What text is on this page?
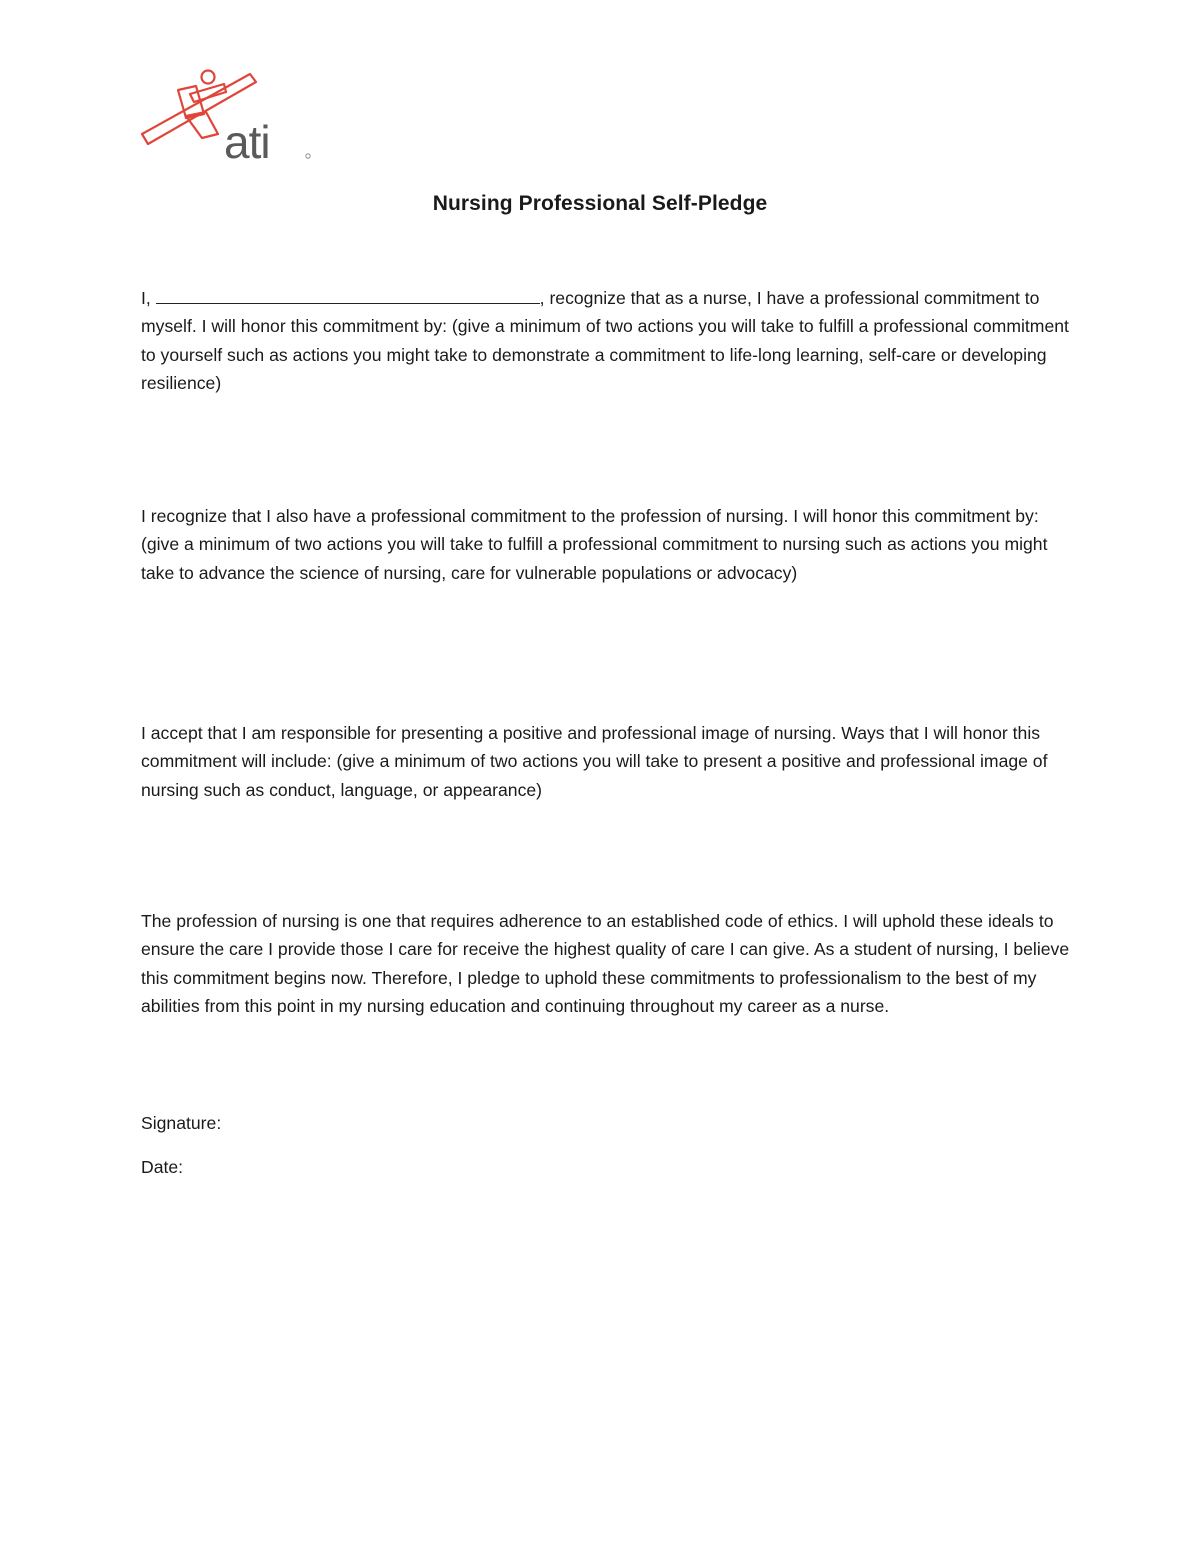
ati
Nursing Professional Self-Pledge
I,	, recognize that as a nurse, I have a professional commitment to myself. I will honor this commitment by: (give a minimum of two actions you will take to fulfill a professional commitment to yourself such as actions you might take to demonstrate a commitment to life-long learning, self-care or developing resilience)
I recognize that I also have a professional commitment to the profession of nursing. I will honor this commitment by: (give a minimum of two actions you will take to fulfill a professional commitment to nursing such as actions you might take to advance the science of nursing, care for vulnerable populations or advocacy)
I accept that I am responsible for presenting a positive and professional image of nursing. Ways that I will honor this commitment will include: (give a minimum of two actions you will take to present a positive and professional image of nursing such as conduct, language, or appearance)
The profession of nursing is one that requires adherence to an established code of ethics. I will uphold these ideals to ensure the care I provide those I care for receive the highest quality of care I can give. As a student of nursing, I believe this commitment begins now. Therefore, I pledge to uphold these commitments to professionalism to the best of my abilities from this point in my nursing education and continuing throughout my career as a nurse.
Signature:
Date:
